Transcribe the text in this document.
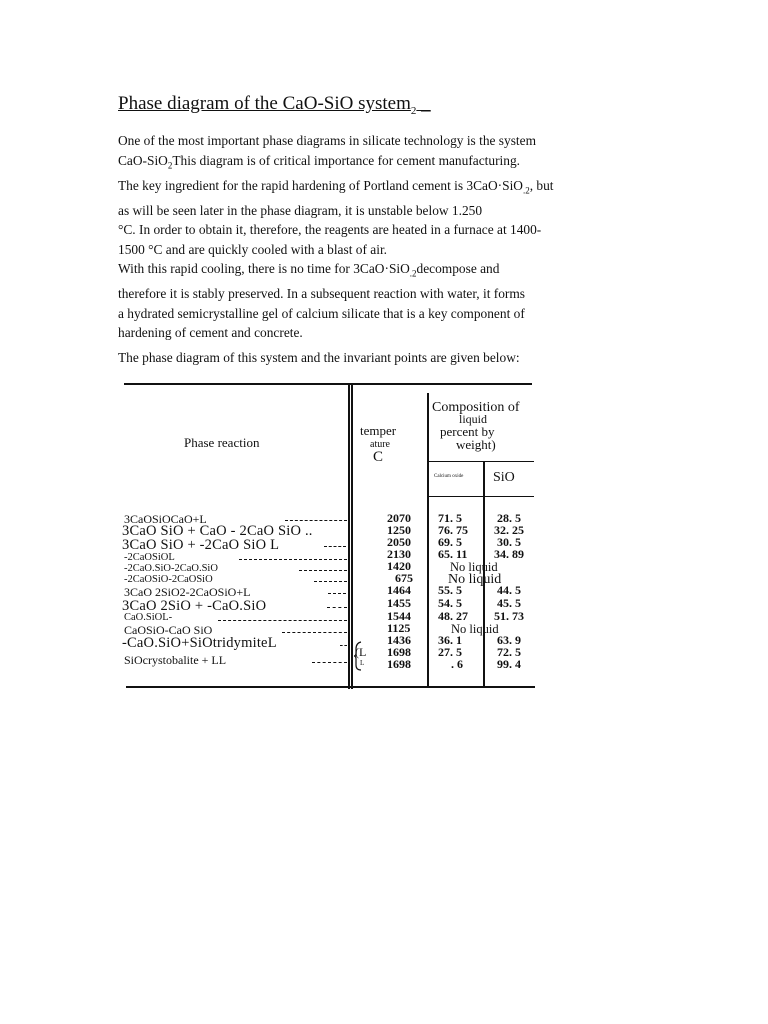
Phase diagram of the CaO-SiO system$_2$ _
One of the most important phase diagrams in silicate technology is the system
CaO-SiO$_2$This diagram is of critical importance for cement manufacturing.
The key ingredient for the rapid hardening of Portland cement is 3CaO·SiO$_{.2}$, but
as will be seen later in the phase diagram, it is unstable below 1.250
°C. In order to obtain it, therefore, the reagents are heated in a furnace at 1400-
1500 °C and are quickly cooled with a blast of air.
With this rapid cooling, there is no time for 3CaO·SiO$_{.2}$decompose and
therefore it is stably preserved. In a subsequent reaction with water, it forms
a hydrated semicrystalline gel of calcium silicate that is a key component of
hardening of cement and concrete.
The phase diagram of this system and the invariant points are given below:
Phase reaction
temper
ature
C
Composition of
liquid
percent by
weight)
Calcium oxide SiO
3CaOSiOCaO+L
3CaO SiO + CaO - 2CaO SiO ..
3CaO SiO + -2CaO SiO L
-2CaOSiOL
-2CaO.SiO-2CaO.SiO
-2CaOSiO-2CaOSiO
3CaO 2SiO2-2CaOSiO+L
3CaO 2SiO + -CaO.SiO
CaO.SiOL-
CaOSiO-CaO SiO
-CaO.SiO+SiOtridymiteL
SiOcrystobalite + LL
(L
L
2070
1250
2050
2130
1420
675
1464
1455
1544
1125
1436
1698
1698
71. 5
76. 75
69. 5
65. 11
No liquid
No liquid
55. 5
54. 5
48. 27
No liquid
36. 1
27. 5
. 6
28. 5
32. 25
30. 5
34. 89
44. 5
45. 5
51. 73
63. 9
72. 5
99. 4
